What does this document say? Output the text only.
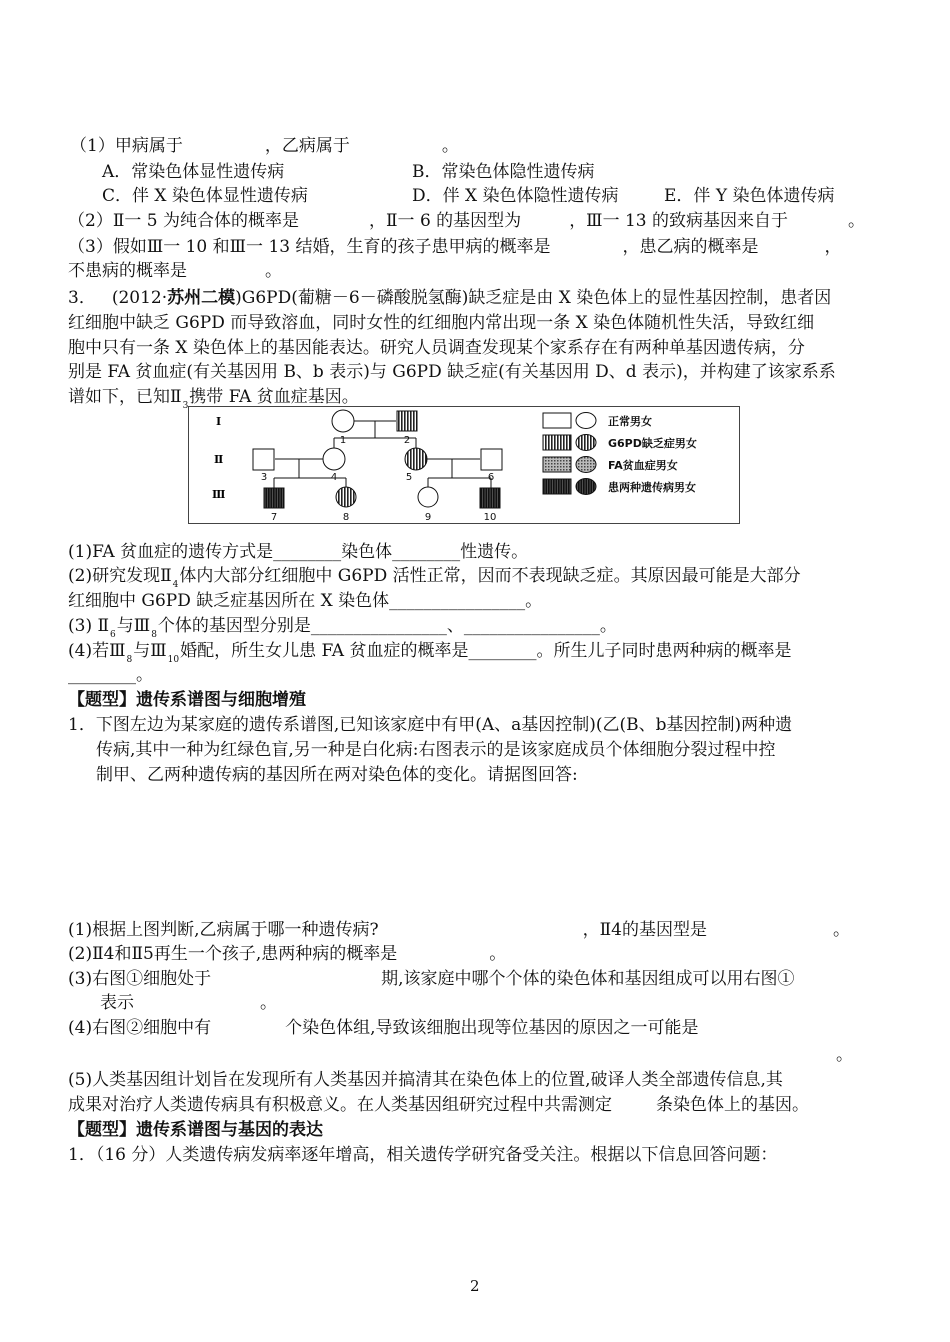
（1）甲病属于	，乙病属于	。
A．常染色体显性遗传病	B．常染色体隐性遗传病
C．伴 X 染色体显性遗传病	D．伴 X 染色体隐性遗传病	E．伴 Y 染色体遗传病
（2）Ⅱ一 5 为纯合体的概率是	，Ⅱ一 6 的基因型为	，Ⅲ一 13 的致病基因来自于	。
（3）假如Ⅲ一 10 和Ⅲ一 13 结婚，生育的孩子患甲病的概率是	，患乙病的概率是	，
不患病的概率是	。
3． (2012·苏州二模)G6PD(葡糖－6－磷酸脱氢酶)缺乏症是由 X 染色体上的显性基因控制，患者因
红细胞中缺乏 G6PD 而导致溶血，同时女性的红细胞内常出现一条 X 染色体随机性失活，导致红细
胞中只有一条 X 染色体上的基因能表达。研究人员调查发现某个家系存在有两种单基因遗传病，分
别是 FA 贫血症(有关基因用 B、b 表示)与 G6PD 缺乏症(有关基因用 D、d 表示)，并构建了该家系系
谱如下，已知$Ⅱ_3$携带 FA 贫血症基因。
Ⅰ
Ⅱ
Ⅲ
1	2
3	4	5	6
7	8	9	10
正常男女
G6PD缺乏症男女
FA贫血症男女
患两种遗传病男女
(1)FA 贫血症的遗传方式是________染色体________性遗传。
(2)研究发现$Ⅱ_4$体内大部分红细胞中 G6PD 活性正常，因而不表现缺乏症。其原因最可能是大部分
红细胞中 G6PD 缺乏症基因所在 X 染色体________________。
(3) $Ⅱ_6$与$Ⅲ_8$个体的基因型分别是________________、________________。
(4)若$Ⅲ_8$与$Ⅲ_{10}$婚配，所生女儿患 FA 贫血症的概率是________。所生儿子同时患两种病的概率是
________。
【题型】遗传系谱图与细胞增殖
1．下图左边为某家庭的遗传系谱图,已知该家庭中有甲(A、a基因控制)(乙(B、b基因控制)两种遗
传病,其中一种为红绿色盲,另一种是白化病:右图表示的是该家庭成员个体细胞分裂过程中控
制甲、乙两种遗传病的基因所在两对染色体的变化。请据图回答:
(1)根据上图判断,乙病属于哪一种遗传病?	，Ⅱ4的基因型是	。
(2)Ⅱ4和Ⅱ5再生一个孩子,患两种病的概率是	。
(3)右图①细胞处于	期,该家庭中哪个个体的染色体和基因组成可以用右图①
表示	。
(4)右图②细胞中有	个染色体组,导致该细胞出现等位基因的原因之一可能是
。
(5)人类基因组计划旨在发现所有人类基因并搞清其在染色体上的位置,破译人类全部遗传信息,其
成果对治疗人类遗传病具有积极意义。在人类基因组研究过程中共需测定	条染色体上的基因。
【题型】遗传系谱图与基因的表达
1．（16 分）人类遗传病发病率逐年增高，相关遗传学研究备受关注。根据以下信息回答问题：
2
